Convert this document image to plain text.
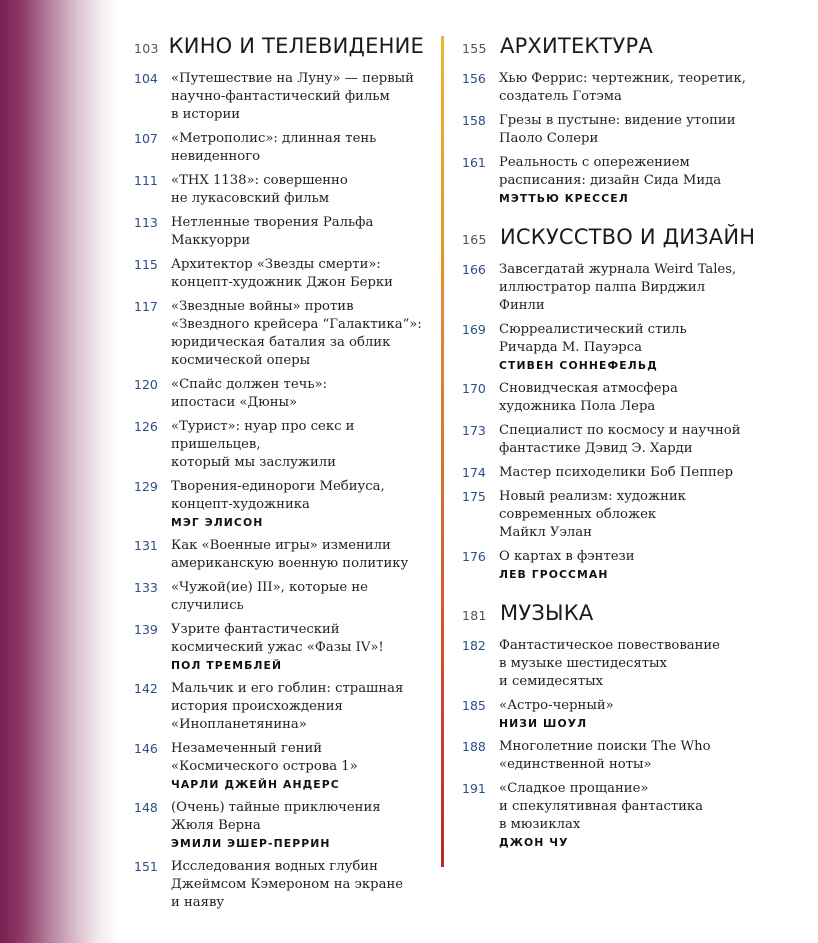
103 КИНО И ТЕЛЕВИДЕНИЕ
104 «Путешествие на Луну» — первый
научно-фантастический фильм
в истории
107 «Метрополис»: длинная тень
невиденного
111 «THX 1138»: совершенно
не лукасовский фильм
113 Нетленные творения Ральфа
Маккуорри
115 Архитектор «Звезды смерти»:
концепт-художник Джон Берки
117 «Звездные войны» против
«Звездного крейсера “Галактика”»:
юридическая баталия за облик
космической оперы
120 «Спайс должен течь»:
ипостаси «Дюны»
126 «Турист»: нуар про секс и пришельцев,
который мы заслужили
129 Творения-единороги Мебиуса,
концепт-художника
МЭГ ЭЛИСОН
131 Как «Военные игры» изменили
американскую военную политику
133 «Чужой(ие) III», которые не
случились
139 Узрите фантастический
космический ужас «Фазы IV»!
ПОЛ ТРЕМБЛЕЙ
142 Мальчик и его гоблин: страшная
история происхождения
«Инопланетянина»
146 Незамеченный гений
«Космического острова 1»
ЧАРЛИ ДЖЕЙН АНДЕРС
148 (Очень) тайные приключения
Жюля Верна
ЭМИЛИ ЭШЕР-ПЕРРИН
151 Исследования водных глубин
Джеймсом Кэмероном на экране
и наяву
155 АРХИТЕКТУРА
156 Хью Феррис: чертежник, теоретик,
создатель Готэма
158 Грезы в пустыне: видение утопии
Паоло Солери
161 Реальность с опережением
расписания: дизайн Сида Мида
МЭТТЬЮ КРЕССЕЛ
165 ИСКУССТВО И ДИЗАЙН
166 Завсегдатай журнала Weird Tales,
иллюстратор палпа Вирджил
Финли
169 Сюрреалистический стиль
Ричарда М. Пауэрса
СТИВЕН СОННЕФЕЛЬД
170 Сновидческая атмосфера
художника Пола Лера
173 Специалист по космосу и научной
фантастике Дэвид Э. Харди
174 Мастер психоделики Боб Пеппер
175 Новый реализм: художник
современных обложек
Майкл Уэлан
176 О картах в фэнтези
ЛЕВ ГРОССМАН
181 МУЗЫКА
182 Фантастическое повествование
в музыке шестидесятых
и семидесятых
185 «Астро-черный»
НИЗИ ШОУЛ
188 Многолетние поиски The Who
«единственной ноты»
191 «Сладкое прощание»
и спекулятивная фантастика
в мюзиклах
ДЖОН ЧУ
